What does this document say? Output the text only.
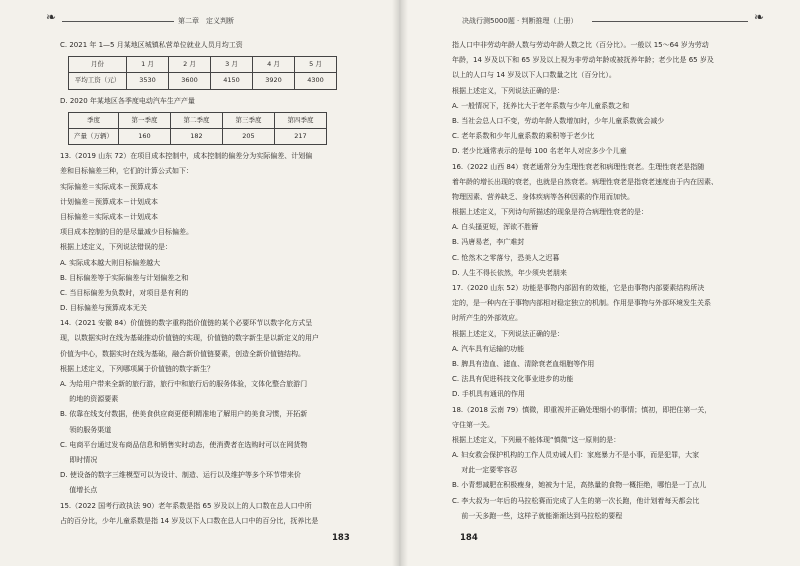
❧	第二章　定义判断
C. 2021 年 1—5 月某地区城镇私营单位就业人员月均工资
月份	1 月	2 月	3 月	4 月	5 月
平均工资（元）	3530	3600	4150	3920	4300
D. 2020 年某地区各季度电动汽车生产产量
季度	第一季度	第二季度	第三季度	第四季度
产量（万辆）	160	182	205	217
13.（2019 山东 72）在项目成本控制中，成本控制的偏差分为实际偏差、计划偏
差和目标偏差三种，它们的计算公式如下：
实际偏差＝实际成本－预算成本
计划偏差＝预算成本－计划成本
目标偏差＝实际成本－计划成本
项目成本控制的目的是尽量减少目标偏差。
根据上述定义，下列说法错误的是：
A. 实际成本越大则目标偏差越大
B. 目标偏差等于实际偏差与计划偏差之和
C. 当目标偏差为负数时，对项目是有利的
D. 目标偏差与预算成本无关
14.（2021 安徽 84）价值链的数字重构指价值链的某个必要环节以数字化方式呈
现，以数据实时在线为基础推动价值链的实现，价值链的数字新生是以新定义的用户
价值为中心，数据实时在线为基础，融合新价值链要素，创造全新价值链结构。
根据上述定义，下列哪项属于价值链的数字新生？
A. 为给用户带来全新的旅行游，旅行中和旅行后的服务体验，文体化整合旅游门
　 的地的资源要素
B. 依靠在线支付数据，使美食供应商更便利精准地了解用户的美食习惯，开拓新
　 领的服务渠道
C. 电商平台通过发布商品信息和销售实时动态，使消费者在选购时可以在网货物
　 即时情况
D. 使设备的数字三维模型可以为设计、制造、运行以及维护等多个环节带来价
　 值增长点
15.（2022 国考行政执法 90）老年系数是指 65 岁及以上的人口数在总人口中所
占的百分比，少年儿童系数是指 14 岁及以下人口数在总人口中的百分比，抚养比是
183
决战行测5000题 · 判断推理（上册）	❧
指人口中非劳动年龄人数与劳动年龄人数之比（百分比）。一般以 15～64 岁为劳动
年龄，14 岁及以下和 65 岁及以上视为非劳动年龄或被抚养年龄；老少比是 65 岁及
以上的人口与 14 岁及以下人口数量之比（百分比）。
根据上述定义，下列说法正确的是：
A. 一般情况下，抚养比大于老年系数与少年儿童系数之和
B. 当社会总人口不变，劳动年龄人数增加时，少年儿童系数就会减少
C. 老年系数和少年儿童系数的乘积等于老少比
D. 老少比通常表示的是每 100 名老年人对应多少个儿童
16.（2022 山西 84）衰老通常分为生理性衰老和病理性衰老。生理性衰老是指随
着年龄的增长出现的衰老，也就是自然衰老。病理性衰老是指衰老速度由于内在因素、
物理因素、营养缺乏、身体疾病等各种因素的作用而加快。
根据上述定义，下列诗句所描述的现象是符合病理性衰老的是：
A. 白头搔更短，浑欲不胜簪
B. 冯唐易老，李广难封
C. 怆然木之零落兮，恐美人之迟暮
D. 人生不得长依然，年少须央老朋来
17.（2020 山东 52）功能是事物内部固有的效能，它是由事物内部要素结构所决
定的，是一种内在于事物内部相对稳定独立的机制。作用是事物与外部环境发生关系
时所产生的外部效应。
根据上述定义，下列说法正确的是：
A. 汽车具有运输的功能
B. 脾具有造血、滤血、清除衰老血细胞等作用
C. 法具有促进科技文化事业进步的功能
D. 手机具有通讯的作用
18.（2018 云南 79）慎微，即重视并正确处理细小的事情；慎初，即把住第一关，
守住第一关。
根据上述定义，下列最不能体现“慎微”这一原则的是：
A. 妇女救会保护机构的工作人员劝诫人们：家庭暴力不是小事，而是犯罪，大家
　 对此一定要零容忍
B. 小青想减肥在积极瘦身，她被为十足，高热量的食物一概拒绝，哪怕是一丁点儿
C. 李大叔为一年后的马拉松赛而完成了人生的第一次长跑，他计划着每天都会比
　 前一天多跑一些，这样子就能渐渐达到马拉松的要程
184
